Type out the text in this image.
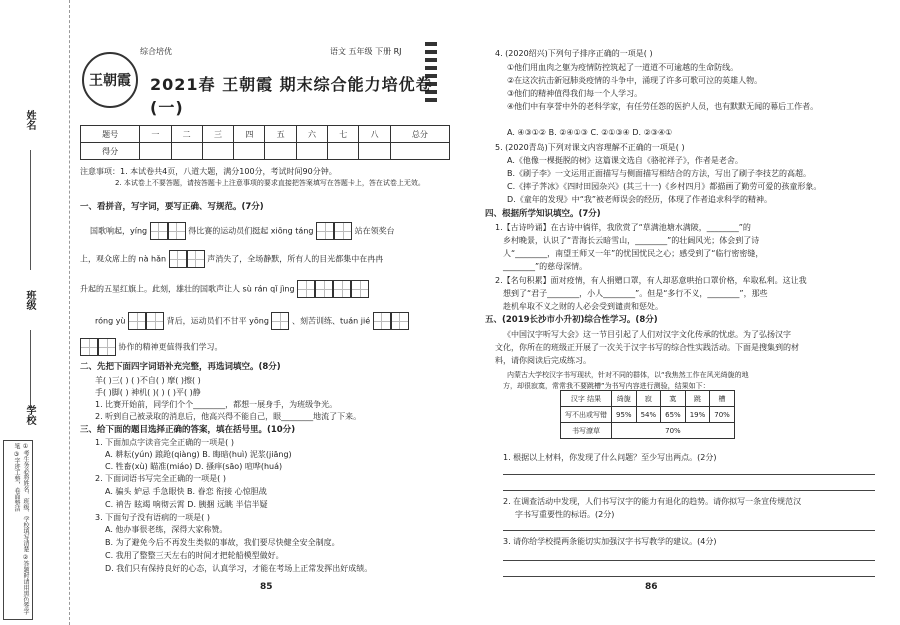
姓名
班级
学校
①考生务必将姓名、班级、学校填写清楚 ②答题时请用黑色签字笔 ③字迹工整，卷面整洁
综合培优	语文 五年级 下册 RJ
王朝霞	2021春 王朝霞 期末综合能力培优卷(一)
题号	一	二	三	四	五	六	七	八	总分
得分									
注意事项：1. 本试卷共4页，八道大题，满分100分，考试时间90分钟。
2. 本试卷上不要答题，请按答题卡上注意事项的要求直接把答案填写在答题卡上，答在试卷上无效。
一、看拼音，写字词，要写正确、写规范。(7分)
国歌响起，yíng	得比赛的运动员们挺起 xiōng táng	站在领奖台
上，观众席上的 nà hǎn	声消失了，全场静默，所有人的目光都集中在冉冉
升起的五星红旗上。此刻，雄壮的国歌声让人 sù rán qǐ jìng
róng yù	背后，运动员们不甘平 yōng	、刻苦训练、tuán jié
协作的精神更值得我们学习。
二、先把下面四字词语补充完整，再选词填空。(8分)
羊( )三( ) ( )不自( ) 摩( )擦( )
手( )脚( ) 神机( )( ) ( )平( )静
1. 比赛开始前，同学们个个________，都想一展身手，为班级争光。
2. 听到自己被录取的消息后，他高兴得不能自己，眼________地流了下来。
三、给下面的题目选择正确的答案，填在括号里。(10分)
1. 下面加点字读音完全正确的一项是( )
A. 耕耘(yún) 踉跄(qiàng) B. 晦暗(huì) 泥浆(jiāng)
C. 牲畜(xù) 瞄准(miáo) D. 搔痒(sāo) 喧哗(huá)
2. 下面词语书写完全正确的一项是( )
A. 骗头 妒忌 手急眼快 B. 眷恋 衔接 心惊胆战
C. 衲告 眩竭 响彻云霄 D. 胰捆 远眺 半信半疑
3. 下面句子没有语病的一项是( )
A. 他办事很老练，深得大家称赞。
B. 为了避免今后不再发生类似的事故，我们要尽快健全安全制度。
C. 我用了整整三天左右的时间才把轮船模型做好。
D. 我们只有保持良好的心态，认真学习，才能在考场上正常发挥出好成绩。
85
4. (2020绍兴)下列句子排序正确的一项是( )
①他们用血肉之躯为疫情防控筑起了一道道不可逾越的生命防线。
②在这次抗击新冠肺炎疫情的斗争中，涌现了许多可歌可泣的英雄人物。
③他们的精神值得我们每一个人学习。
④他们中有享誉中外的老科学家，有任劳任怨的医护人员，也有默默无闻的幕后工作者。
A. ④③①② B. ②④①③ C. ②①③④ D. ②③④①
5. (2020青岛)下列对课文内容理解不正确的一项是( )
A.《他像一棵挺脱的树》这篇课文选自《骆驼祥子》，作者是老舍。
B.《刷子李》一文运用正面描写与侧面描写相结合的方法，写出了刷子李技艺的高超。
C.《摔子荠冰》《四时田园杂兴》(其三十一)《乡村四月》都描画了勤劳可爱的孩童形象。
D.《童年的发现》中“我”被老师误会的经历，体现了作者追求科学的精神。
四、根据所学知识填空。(7分)
1.【古诗吟诵】在古诗中徜徉，我欣赏了“草满池塘水满陂，________”的
乡村晚景，认识了“青海长云暗雪山，________”的壮阔风光；体会到了诗
人“________，南望王师又一年”的忧国忧民之心；感受到了“临行密密缝，
________”的慈母深情。
2.【名句积累】面对疫情，有人捐赠口罩，有人却恶意哄抬口罩价格，牟取私利。这让我
想到了“君子________，小人________”。但是“多行不义，________”，那些
趁机牟取不义之财的人必会受到谴责和惩处。
五、(2019长沙市小升初)综合性学习。(8分)
《中国汉字听写大会》这一节目引起了人们对汉字文化传承的忧虑。为了弘扬汉字
文化，你所在的班级正开展了一次关于汉字书写的综合性实践活动。下面是搜集到的材
料，请你阅读后完成练习。
内蒙古大学校汉字书写现状，针对不同的群体，以“我焦然工作在风光绮旎的地
方，却很寂寞，常常我不要跳槽”为书写内容进行测验，结果如下：
1. 根据以上材料，你发现了什么问题？至少写出两点。(2分)
2. 在调查活动中发现，人们书写汉字的能力有退化的趋势。请你拟写一条宣传规范汉
字书写重要性的标语。(2分)
3. 请你给学校提两条能切实加强汉字书写教学的建议。(4分)
86
汉字 结果	绮旎	寂	寞	跳	槽
写不出或写错	95%	54%	65%	19%	70%
书写潦草	70%				
